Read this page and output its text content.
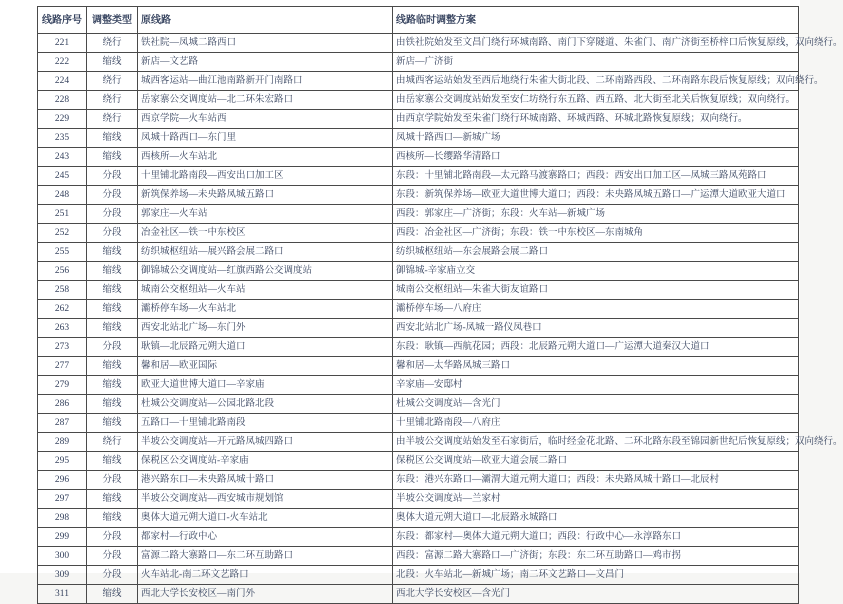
线路序号	调整类型	原线路	线路临时调整方案
221	绕行	铁社院—凤城二路西口	由铁社院始发至文昌门绕行环城南路、南门下穿隧道、朱雀门、南广济街至桥梓口后恢复原线，双向绕行。
222	缩线	新店—文艺路	新店—广济街
224	绕行	城西客运站—曲江池南路新开门南路口	由城西客运站始发至西后地绕行朱雀大街北段、二环南路西段、二环南路东段后恢复原线；双向绕行。
228	绕行	岳家寨公交调度站—北二环朱宏路口	由岳家寨公交调度站始发至安仁坊绕行东五路、西五路、北大街至北关后恢复原线；双向绕行。
229	绕行	西京学院—火车站西	由西京学院始发至朱雀门绕行环城南路、环城西路、环城北路恢复原线；双向绕行。
235	缩线	凤城十路西口—东门里	凤城十路西口—新城广场
243	缩线	西核所—火车站北	西核所—长缨路华清路口
245	分段	十里铺北路南段—西安出口加工区	东段：十里铺北路南段—太元路马渡寨路口；西段：西安出口加工区—凤城三路凤苑路口
248	分段	新筑保养场—未央路凤城五路口	东段：新筑保养场—欧亚大道世博大道口；西段：未央路凤城五路口—广运潭大道欧亚大道口
251	分段	郭家庄—火车站	西段：郭家庄—广济街；东段：火车站—新城广场
252	分段	冶金社区—铁一中东校区	西段：冶金社区—广济街；东段：铁一中东校区—东南城角
255	缩线	纺织城枢纽站—展兴路会展二路口	纺织城枢纽站—东会展路会展二路口
256	缩线	御锦城公交调度站—红旗西路公交调度站	御锦城-辛家庙立交
258	缩线	城南公交枢纽站—火车站	城南公交枢纽站—朱雀大街友谊路口
262	缩线	灞桥停车场—火车站北	灞桥停车场—八府庄
263	缩线	西安北站北广场—东门外	西安北站北广场-凤城一路仪凤巷口
273	分段	耿镇—北辰路元朔大道口	东段：耿镇—西航花园；西段：北辰路元朔大道口—广运潭大道秦汉大道口
277	缩线	馨和居—欧亚国际	馨和居—太华路凤城三路口
279	缩线	欧亚大道世博大道口—辛家庙	辛家庙—安邸村
286	缩线	杜城公交调度站—公园北路北段	杜城公交调度站—含光门
287	缩线	五路口—十里铺北路南段	十里铺北路南段—八府庄
289	绕行	半坡公交调度站—开元路凤城四路口	由半坡公交调度站始发至石家街后，临时经金花北路、二环北路东段至锦园新世纪后恢复原线；双向绕行。
295	缩线	保税区公交调度站-辛家庙	保税区公交调度站—欧亚大道会展二路口
296	分段	港兴路东口—未央路凤城十路口	东段：港兴东路口—灞渭大道元朔大道口；西段：未央路凤城十路口—北辰村
297	缩线	半坡公交调度站—西安城市规划馆	半坡公交调度站—兰家村
298	缩线	奥体大道元朔大道口-火车站北	奥体大道元朔大道口—北辰路永城路口
299	分段	都家村—行政中心	东段：都家村—奥体大道元朔大道口；西段：行政中心—永淳路东口
300	分段	富源二路大寨路口—东二环互助路口	西段：富源二路大寨路口—广济街；东段：东二环互助路口—鸡市拐
309	分段	火车站北-南二环文艺路口	北段：火车站北—新城广场；南二环文艺路口—文昌门
311	缩线	西北大学长安校区—南门外	西北大学长安校区—含光门
